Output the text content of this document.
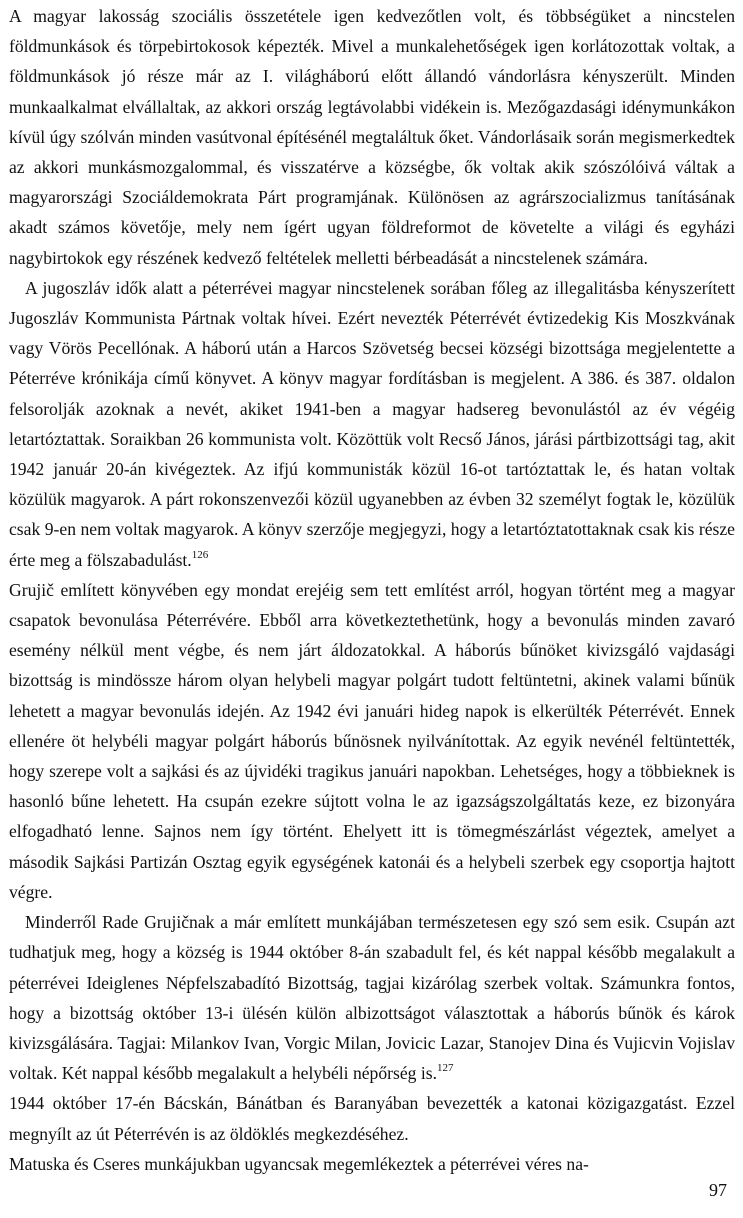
A magyar lakosság szociális összetétele igen kedvezőtlen volt, és többségüket a nincstelen földmunkások és törpebirtokosok képezték. Mivel a munkalehetőségek igen korlátozottak voltak, a földmunkások jó része már az I. világháború előtt állandó vándorlásra kényszerült. Minden munkaalkalmat elvállaltak, az akkori ország legtávolabbi vidékein is. Mezőgazdasági idénymunkákon kívül úgy szólván minden vasútvonal építésénél megtaláltuk őket. Vándorlásaik során megismerkedtek az akkori munkásmozgalommal, és visszatérve a községbe, ők voltak akik szószólóivá váltak a magyarországi Szociáldemokrata Párt programjának. Különösen az agrárszocializmus tanításának akadt számos követője, mely nem ígért ugyan földreformot de követelte a világi és egyházi nagybirtokok egy részének kedvező feltételek melletti bérbeadását a nincstelenek számára.

A jugoszláv idők alatt a péterrévei magyar nincstelenek sorában főleg az illegalitásba kényszerített Jugoszláv Kommunista Pártnak voltak hívei. Ezért nevezték Péterrévét évtizedekig Kis Moszkvának vagy Vörös Pecellónak. A háború után a Harcos Szövetség becsei községi bizottsága megjelentette a Péterréve krónikája című könyvet. A könyv magyar fordításban is megjelent. A 386. és 387. oldalon felsorolják azoknak a nevét, akiket 1941-ben a magyar hadsereg bevonulástól az év végéig letartóztattak. Soraikban 26 kommunista volt. Közöttük volt Recső János, járási pártbizottsági tag, akit 1942 január 20-án kivégeztek. Az ifjú kommunisták közül 16-ot tartóztattak le, és hatan voltak közülük magyarok. A párt rokonszenvezői közül ugyanebben az évben 32 személyt fogtak le, közülük csak 9-en nem voltak magyarok. A könyv szerzője megjegyzi, hogy a letartóztatottaknak csak kis része érte meg a fölszabadulást.$^{126}$

Grujič említett könyvében egy mondat erejéig sem tett említést arról, hogyan történt meg a magyar csapatok bevonulása Péterrévére. Ebből arra következtethetünk, hogy a bevonulás minden zavaró esemény nélkül ment végbe, és nem járt áldozatokkal. A háborús bűnöket kivizsgáló vajdasági bizottság is mindössze három olyan helybeli magyar polgárt tudott feltüntetni, akinek valami bűnük lehetett a magyar bevonulás idején. Az 1942 évi januári hideg napok is elkerülték Péterrévét. Ennek ellenére öt helybéli magyar polgárt háborús bűnösnek nyilvánítottak. Az egyik nevénél feltüntették, hogy szerepe volt a sajkási és az újvidéki tragikus januári napokban. Lehetséges, hogy a többieknek is hasonló bűne lehetett. Ha csupán ezekre sújtott volna le az igazságszolgáltatás keze, ez bizonyára elfogadható lenne. Sajnos nem így történt. Ehelyett itt is tömegmészárlást végeztek, amelyet a második Sajkási Partizán Osztag egyik egységének katonái és a helybeli szerbek egy csoportja hajtott végre.

Minderről Rade Grujičnak a már említett munkájában természetesen egy szó sem esik. Csupán azt tudhatjuk meg, hogy a község is 1944 október 8-án szabadult fel, és két nappal később megalakult a péterrévei Ideiglenes Népfelszabadító Bizottság, tagjai kizárólag szerbek voltak. Számunkra fontos, hogy a bizottság október 13-i ülésén külön albizottságot választottak a háborús bűnök és károk kivizsgálására. Tagjai: Milankov Ivan, Vorgic Milan, Jovicic Lazar, Stanojev Dina és Vujicvin Vojislav voltak. Két nappal később megalakult a helybéli népőrség is.$^{127}$

1944 október 17-én Bácskán, Bánátban és Baranyában bevezették a katonai közigazgatást. Ezzel megnyílt az út Péterrévén is az öldöklés megkezdéséhez.

Matuska és Cseres munkájukban ugyancsak megemlékeztek a péterrévei véres na-

97
